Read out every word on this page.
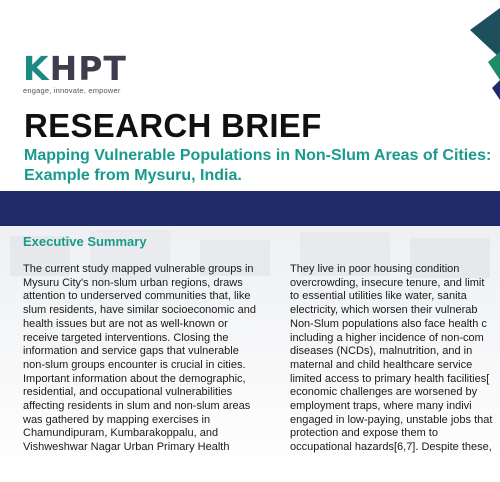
KHPT
engage, innovate, empower
RESEARCH BRIEF
Mapping Vulnerable Populations in Non-Slum Areas of Cities:
Example from Mysuru, India.
Executive Summary
The current study mapped vulnerable groups in
Mysuru City's non-slum urban regions, draws
attention to underserved communities that, like
slum residents, have similar socioeconomic and
health issues but are not as well-known or
receive targeted interventions. Closing the
information and service gaps that vulnerable
non-slum groups encounter is crucial in cities.
Important information about the demographic,
residential, and occupational vulnerabilities
affecting residents in slum and non-slum areas
was gathered by mapping exercises in
Chamundipuram, Kumbarakoppalu, and
Vishweshwar Nagar Urban Primary Health
They live in poor housing condition
overcrowding, insecure tenure, and limit
to essential utilities like water, sanita
electricity, which worsen their vulnerab
Non-Slum populations also face health c
including a higher incidence of non-com
diseases (NCDs), malnutrition, and in
maternal and child healthcare service
limited access to primary health facilities[
economic challenges are worsened by
employment traps, where many indivi
engaged in low-paying, unstable jobs that
protection and expose them to
occupational hazards[6,7]. Despite these,
